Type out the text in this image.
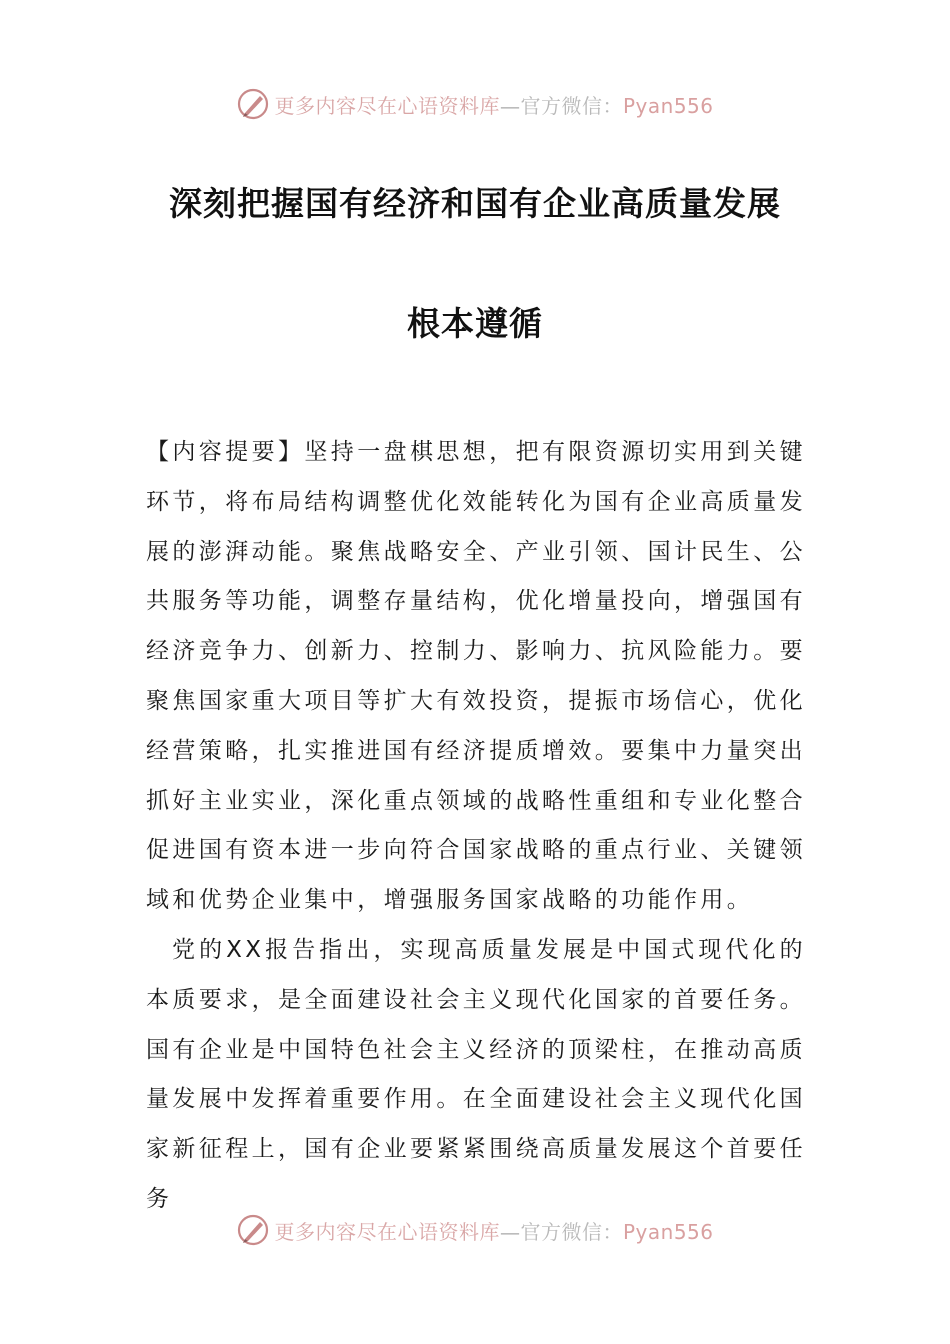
更多内容尽在心语资料库—官方微信：Pyan556
深刻把握国有经济和国有企业高质量发展
根本遵循

【内容提要】坚持一盘棋思想，把有限资源切实用到关键环节，将布局结构调整优化效能转化为国有企业高质量发展的澎湃动能。聚焦战略安全、产业引领、国计民生、公共服务等功能，调整存量结构，优化增量投向，增强国有经济竞争力、创新力、控制力、影响力、抗风险能力。要聚焦国家重大项目等扩大有效投资，提振市场信心，优化经营策略，扎实推进国有经济提质增效。要集中力量突出抓好主业实业，深化重点领域的战略性重组和专业化整合促进国有资本进一步向符合国家战略的重点行业、关键领域和优势企业集中，增强服务国家战略的功能作用。

党的XX报告指出，实现高质量发展是中国式现代化的本质要求，是全面建设社会主义现代化国家的首要任务。国有企业是中国特色社会主义经济的顶梁柱，在推动高质量发展中发挥着重要作用。在全面建设社会主义现代化国家新征程上，国有企业要紧紧围绕高质量发展这个首要任务

更多内容尽在心语资料库—官方微信：Pyan556
